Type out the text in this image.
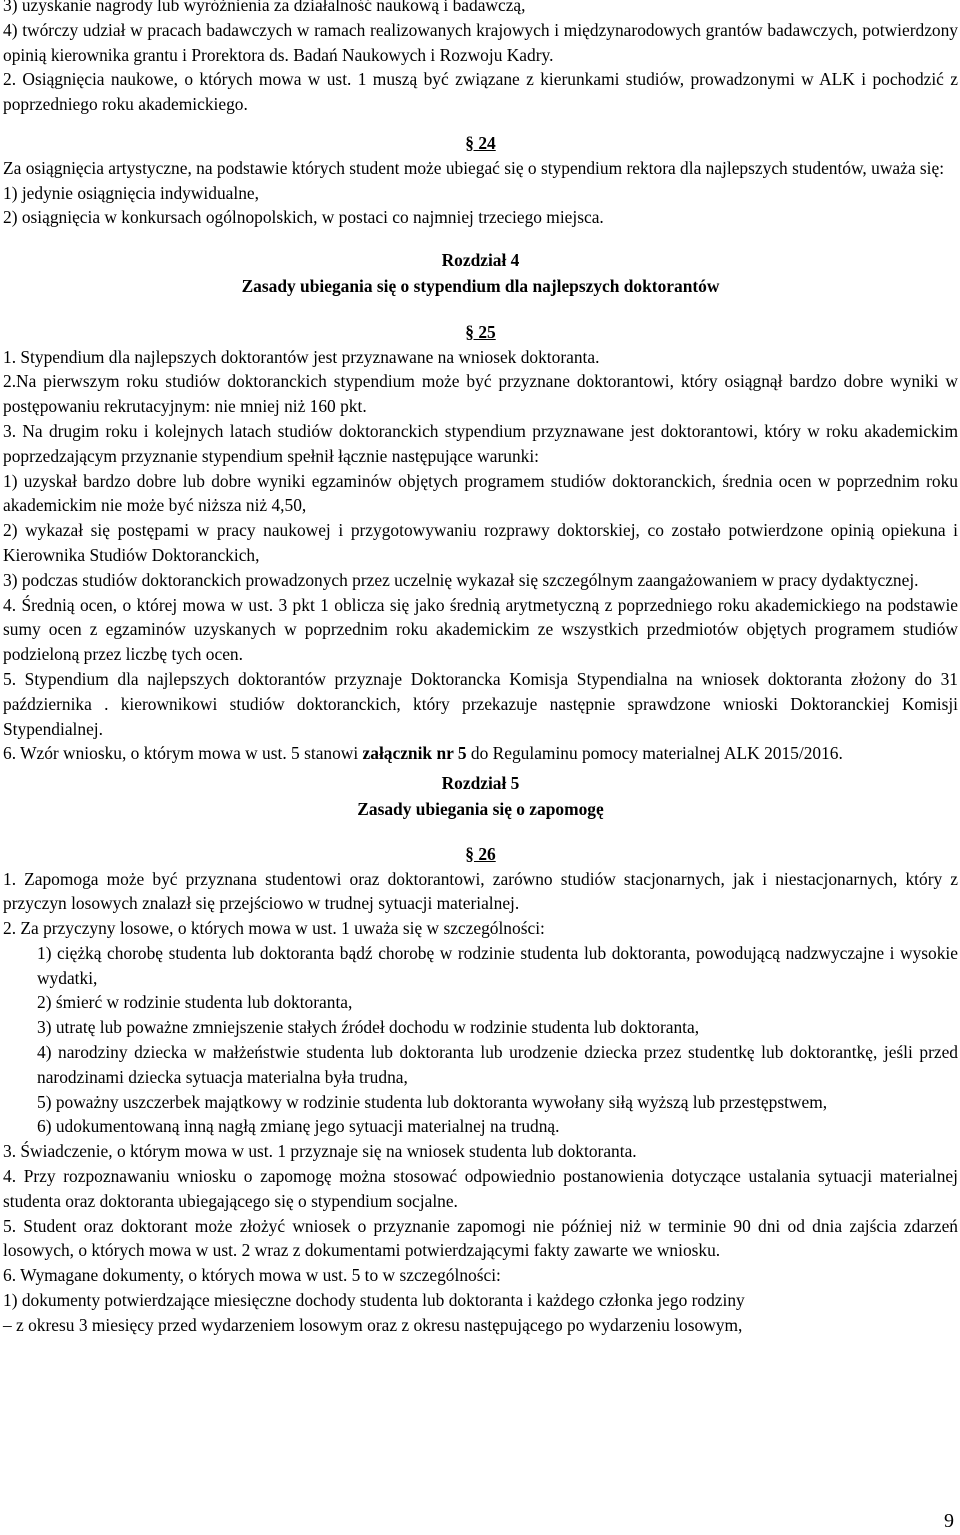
3) uzyskanie nagrody lub wyróżnienia za działalność naukową i badawczą,

4) twórczy udział w pracach badawczych w ramach realizowanych krajowych i międzynarodowych grantów badawczych, potwierdzony opinią kierownika grantu i Prorektora ds. Badań Naukowych i Rozwoju Kadry.

2. Osiągnięcia naukowe, o których mowa w ust. 1 muszą być związane z kierunkami studiów, prowadzonymi w ALK i pochodzić z poprzedniego roku akademickiego.

§ 24

Za osiągnięcia artystyczne, na podstawie których student może ubiegać się o stypendium rektora dla najlepszych studentów, uważa się:

1) jedynie osiągnięcia indywidualne,

2) osiągnięcia w konkursach ogólnopolskich, w postaci co najmniej trzeciego miejsca.

Rozdział 4

Zasady ubiegania się o stypendium dla najlepszych doktorantów

§ 25

1. Stypendium dla najlepszych doktorantów jest przyznawane na wniosek doktoranta.

2.Na pierwszym roku studiów doktoranckich stypendium może być przyznane doktorantowi, który osiągnął bardzo dobre wyniki w postępowaniu rekrutacyjnym: nie mniej niż 160 pkt.

3. Na drugim roku i kolejnych latach studiów doktoranckich stypendium przyznawane jest doktorantowi, który w roku akademickim poprzedzającym przyznanie stypendium spełnił łącznie następujące warunki:

1) uzyskał bardzo dobre lub dobre wyniki egzaminów objętych programem studiów doktoranckich, średnia ocen w poprzednim roku akademickim nie może być niższa niż 4,50,

2) wykazał się postępami w pracy naukowej i przygotowywaniu rozprawy doktorskiej, co zostało potwierdzone opinią opiekuna i Kierownika Studiów Doktoranckich,

3) podczas studiów doktoranckich prowadzonych przez uczelnię wykazał się szczególnym zaangażowaniem w pracy dydaktycznej.

4. Średnią ocen, o której mowa w ust. 3 pkt 1 oblicza się jako średnią arytmetyczną z poprzedniego roku akademickiego na podstawie sumy ocen z egzaminów uzyskanych w poprzednim roku akademickim ze wszystkich przedmiotów objętych programem studiów podzieloną przez liczbę tych ocen.

5. Stypendium dla najlepszych doktorantów przyznaje Doktorancka Komisja Stypendialna na wniosek doktoranta złożony do 31 października . kierownikowi studiów doktoranckich, który przekazuje następnie sprawdzone wnioski Doktoranckiej Komisji Stypendialnej.

6. Wzór wniosku, o którym mowa w ust. 5 stanowi załącznik nr 5 do Regulaminu pomocy materialnej ALK 2015/2016.

Rozdział 5

Zasady ubiegania się o zapomogę

§ 26

1. Zapomoga może być przyznana studentowi oraz doktorantowi, zarówno studiów stacjonarnych, jak i niestacjonarnych, który z przyczyn losowych znalazł się przejściowo w trudnej sytuacji materialnej.

2. Za przyczyny losowe, o których mowa w ust. 1 uważa się w szczególności:

1) ciężką chorobę studenta lub doktoranta bądź chorobę w rodzinie studenta lub doktoranta, powodującą nadzwyczajne i wysokie wydatki,

2) śmierć w rodzinie studenta lub doktoranta,

3) utratę lub poważne zmniejszenie stałych źródeł dochodu w rodzinie studenta lub doktoranta,

4) narodziny dziecka w małżeństwie studenta lub doktoranta lub urodzenie dziecka przez studentkę lub doktorantkę, jeśli przed narodzinami dziecka sytuacja materialna była trudna,

5) poważny uszczerbek majątkowy w rodzinie studenta lub doktoranta wywołany siłą wyższą lub przestępstwem,

6) udokumentowaną inną nagłą zmianę jego sytuacji materialnej na trudną.

3. Świadczenie, o którym mowa w ust. 1 przyznaje się na wniosek studenta lub doktoranta.

4. Przy rozpoznawaniu wniosku o zapomogę można stosować odpowiednio postanowienia dotyczące ustalania sytuacji materialnej studenta oraz doktoranta ubiegającego się o stypendium socjalne.

5. Student oraz doktorant może złożyć wniosek o przyznanie zapomogi nie później niż w terminie 90 dni od dnia zajścia zdarzeń losowych, o których mowa w ust. 2 wraz z dokumentami potwierdzającymi fakty zawarte we wniosku.

6. Wymagane dokumenty, o których mowa w ust. 5 to w szczególności:

1) dokumenty potwierdzające miesięczne dochody studenta lub doktoranta i każdego członka jego rodziny

– z okresu 3 miesięcy przed wydarzeniem losowym oraz z okresu następującego po wydarzeniu losowym,

9
